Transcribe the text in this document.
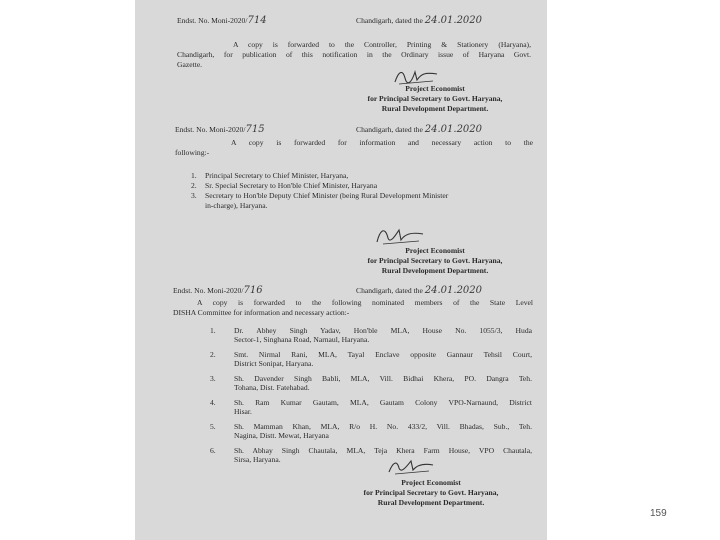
Endst. No. Moni-2020/714	Chandigarh, dated the 24.01.2020
A copy is forwarded to the Controller, Printing & Stationery (Haryana),
Chandigarh, for publication of this notification in the Ordinary issue of Haryana Govt.
Gazette.
Project Economist
for Principal Secretary to Govt. Haryana,
Rural Development Department.
Endst. No. Moni-2020/715	Chandigarh, dated the 24.01.2020
A copy is forwarded for information and necessary action to the
following:-
1. Principal Secretary to Chief Minister, Haryana,
2. Sr. Special Secretary to Hon'ble Chief Minister, Haryana
3. Secretary to Hon'ble Deputy Chief Minister (being Rural Development Minister
in-charge), Haryana.
Project Economist
for Principal Secretary to Govt. Haryana,
Rural Development Department.
Endst. No. Moni-2020/716	Chandigarh, dated the 24.01.2020
A copy is forwarded to the following nominated members of the State Level
DISHA Committee for information and necessary action:-
1. Dr. Abhey Singh Yadav, Hon'ble MLA, House No. 1055/3, Huda
Sector-1, Singhana Road, Narnaul, Haryana.
2. Smt. Nirmal Rani, MLA, Tayal Enclave opposite Gannaur Tehsil Court,
District Sonipat, Haryana.
3. Sh. Davender Singh Babli, MLA, Vill. Bidhai Khera, PO. Dangra Teh.
Tohana, Dist. Fatehabad.
4. Sh. Ram Kumar Gautam, MLA, Gautam Colony VPO-Narnaund, District
Hisar.
5. Sh. Mamman Khan, MLA, R/o H. No. 433/2, Vill. Bhadas, Sub., Teh.
Nagina, Distt. Mewat, Haryana
6. Sh. Abhay Singh Chautala, MLA, Teja Khera Farm House, VPO Chautala,
Sirsa, Haryana.
Project Economist
for Principal Secretary to Govt. Haryana,
Rural Development Department.
159
